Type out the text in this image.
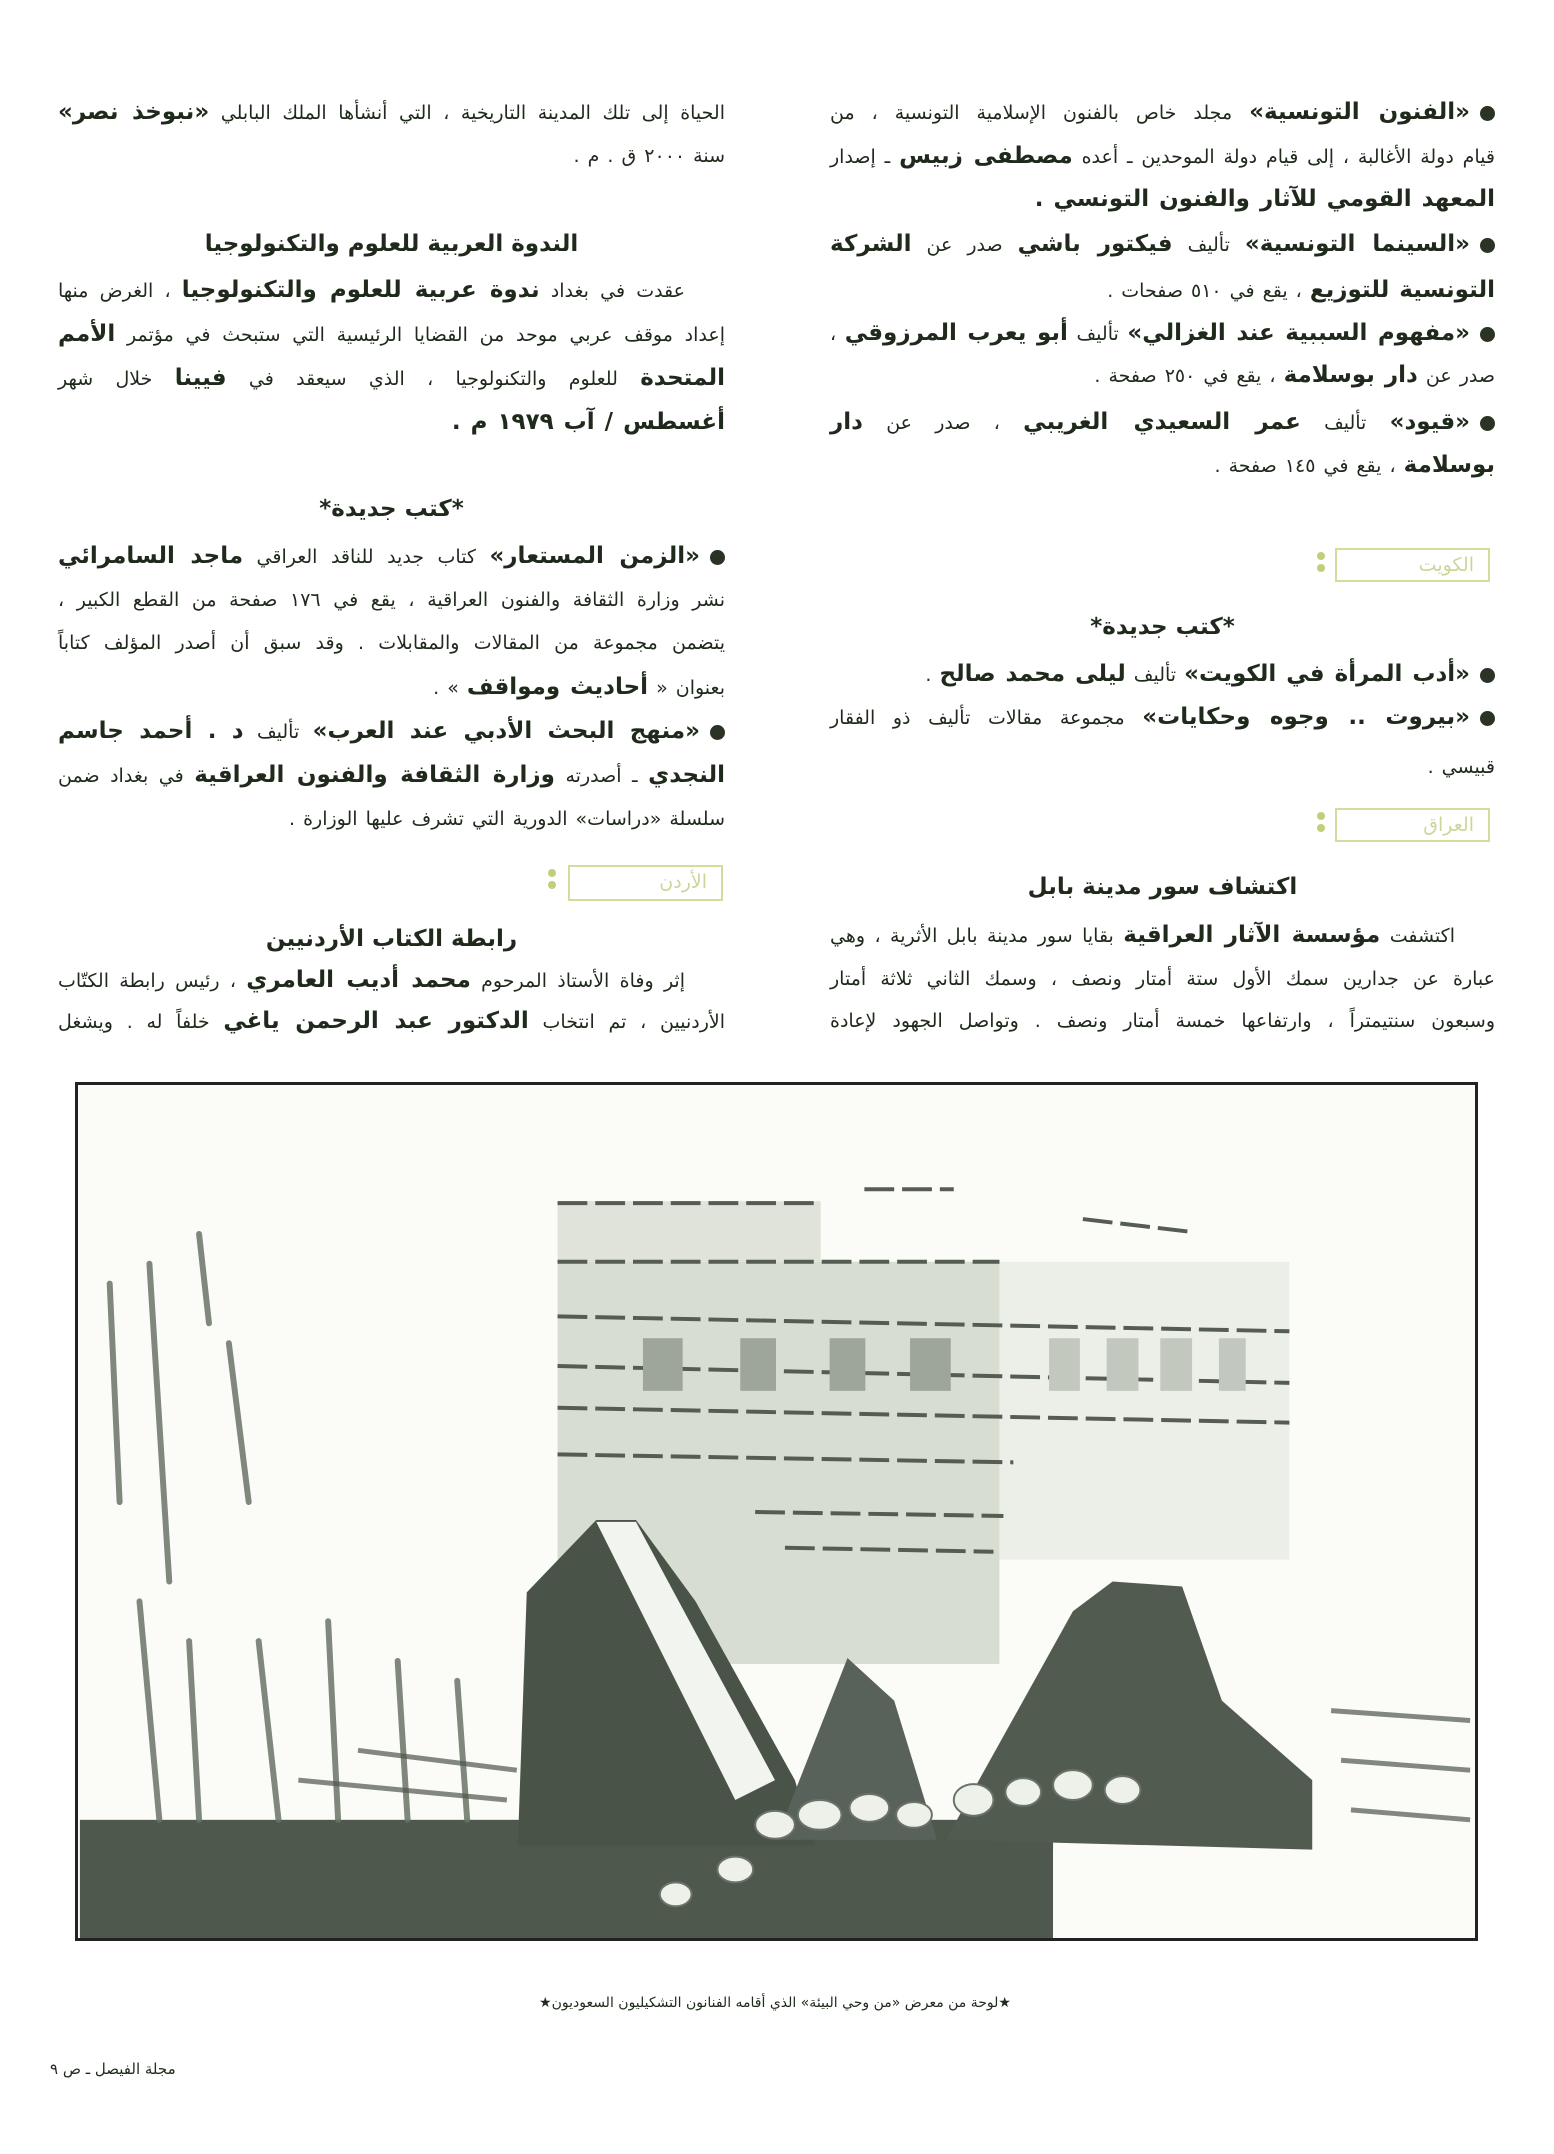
«الفنون التونسية» مجلد خاص بالفنون الإسلامية التونسية ، من
قيام دولة الأغالبة ، إلى قيام دولة الموحدين ـ أعده مصطفى زبيس ـ إصدار
المعهد القومي للآثار والفنون التونسي .
«السينما التونسية» تأليف فيكتور باشي صدر عن الشركة
التونسية للتوزيع ، يقع في ٥١٠ صفحات .
«مفهوم السببية عند الغزالي» تأليف أبو يعرب المرزوقي ،
صدر عن دار بوسلامة ، يقع في ٢٥٠ صفحة .
«قيود» تأليف عمر السعيدي الغريبي ، صدر عن دار
بوسلامة ، يقع في ١٤٥ صفحة .
الكويت
*كتب جديدة*
«أدب المرأة في الكويت» تأليف ليلى محمد صالح .
«بيروت .. وجوه وحكايات» مجموعة مقالات تأليف ذو الفقار
قبيسي .
العراق
اكتشاف سور مدينة بابل
اكتشفت مؤسسة الآثار العراقية بقايا سور مدينة بابل الأثرية ، وهي
عبارة عن جدارين سمك الأول ستة أمتار ونصف ، وسمك الثاني ثلاثة أمتار
وسبعون سنتيمتراً ، وارتفاعها خمسة أمتار ونصف . وتواصل الجهود لإعادة
الحياة إلى تلك المدينة التاريخية ، التي أنشأها الملك البابلي «نبوخذ نصر»
سنة ٢٠٠٠ ق . م .
الندوة العربية للعلوم والتكنولوجيا
عقدت في بغداد ندوة عربية للعلوم والتكنولوجيا ، الغرض منها
إعداد موقف عربي موحد من القضايا الرئيسية التي ستبحث في مؤتمر الأمم
المتحدة للعلوم والتكنولوجيا ، الذي سيعقد في فيينا خلال شهر
أغسطس / آب ١٩٧٩ م .
*كتب جديدة*
«الزمن المستعار» كتاب جديد للناقد العراقي ماجد السامرائي
نشر وزارة الثقافة والفنون العراقية ، يقع في ١٧٦ صفحة من القطع الكبير ،
يتضمن مجموعة من المقالات والمقابلات . وقد سبق أن أصدر المؤلف كتاباً
بعنوان « أحاديث ومواقف » .
«منهج البحث الأدبي عند العرب» تأليف د . أحمد جاسم
النجدي ـ أصدرته وزارة الثقافة والفنون العراقية في بغداد ضمن
سلسلة «دراسات» الدورية التي تشرف عليها الوزارة .
الأردن
رابطة الكتاب الأردنيين
إثر وفاة الأستاذ المرحوم محمد أديب العامري ، رئيس رابطة الكتّاب
الأردنيين ، تم انتخاب الدكتور عبد الرحمن ياغي خلفاً له . ويشغل
★لوحة من معرض «من وحي البيئة» الذي أقامه الفنانون التشكيليون السعوديون★
مجلة الفيصل ـ ص ٩
